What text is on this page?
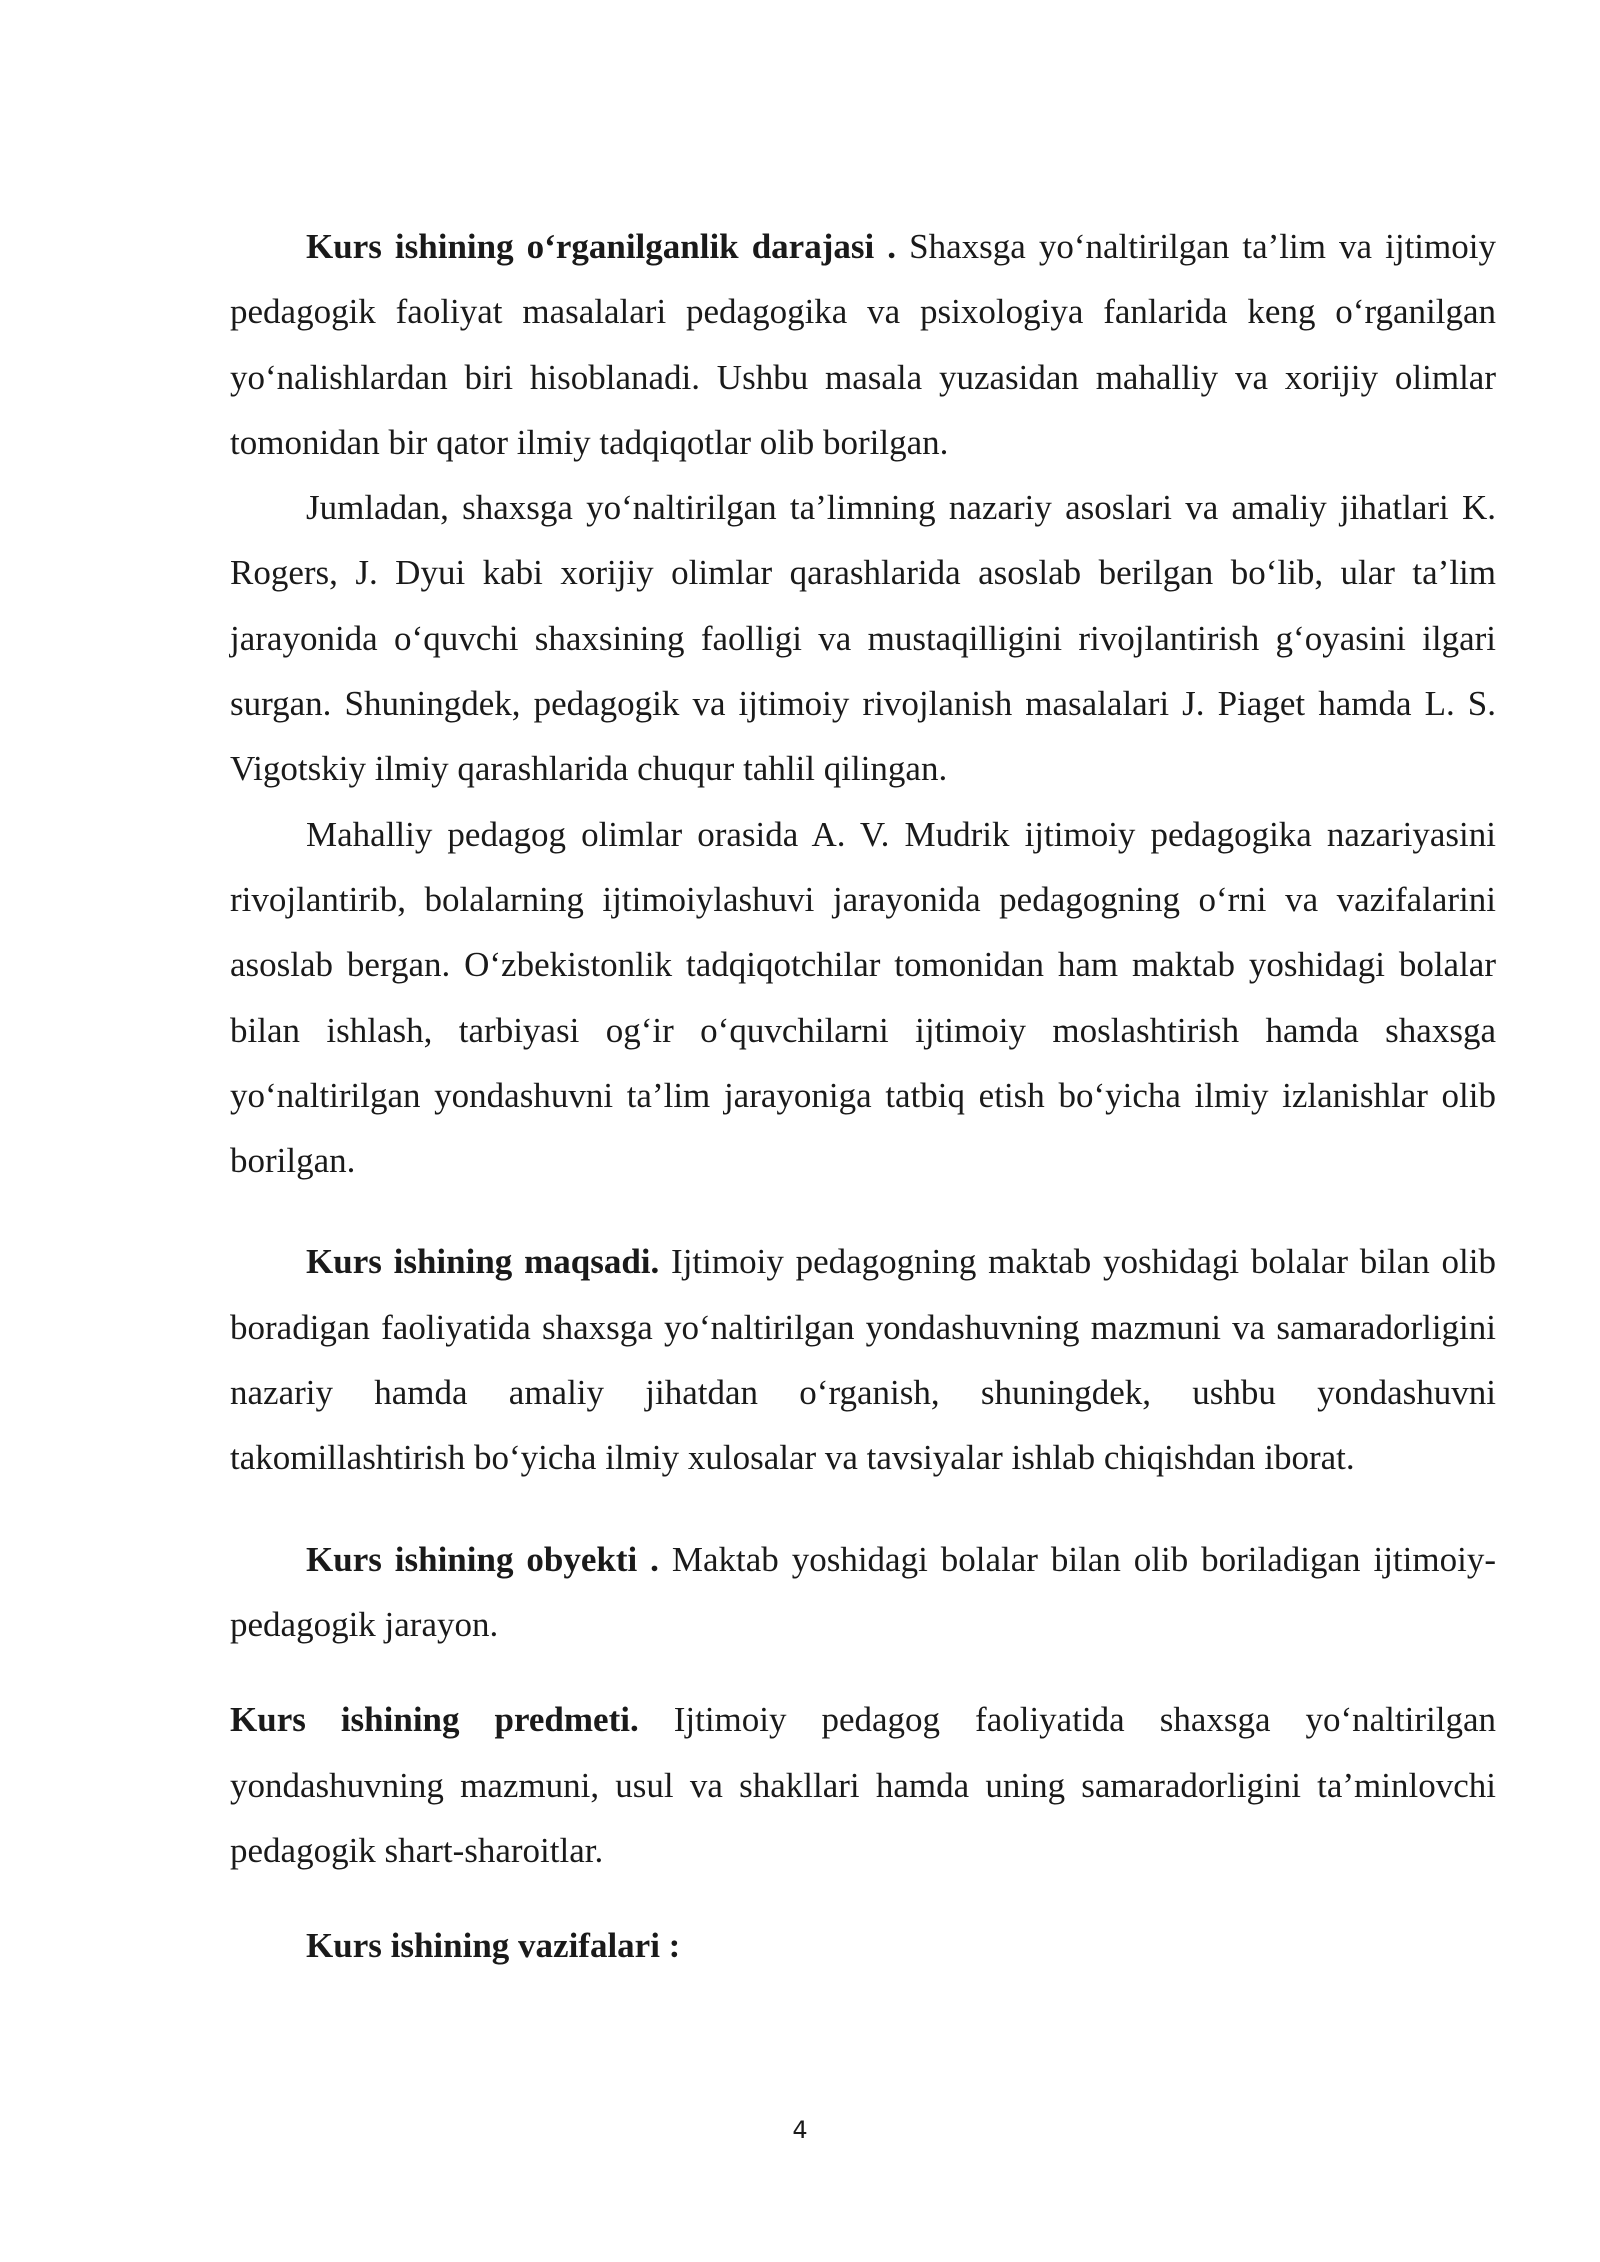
Kurs ishining o‘rganilganlik darajasi . Shaxsga yo‘naltirilgan ta’lim va ijtimoiy pedagogik faoliyat masalalari pedagogika va psixologiya fanlarida keng o‘rganilgan yo‘nalishlardan biri hisoblanadi. Ushbu masala yuzasidan mahalliy va xorijiy olimlar tomonidan bir qator ilmiy tadqiqotlar olib borilgan.

Jumladan, shaxsga yo‘naltirilgan ta’limning nazariy asoslari va amaliy jihatlari K. Rogers, J. Dyui kabi xorijiy olimlar qarashlarida asoslab berilgan bo‘lib, ular ta’lim jarayonida o‘quvchi shaxsining faolligi va mustaqilligini rivojlantirish g‘oyasini ilgari surgan. Shuningdek, pedagogik va ijtimoiy rivojlanish masalalari J. Piaget hamda L. S. Vigotskiy ilmiy qarashlarida chuqur tahlil qilingan.

Mahalliy pedagog olimlar orasida A. V. Mudrik ijtimoiy pedagogika nazariyasini rivojlantirib, bolalarning ijtimoiylashuvi jarayonida pedagogning o‘rni va vazifalarini asoslab bergan. O‘zbekistonlik tadqiqotchilar tomonidan ham maktab yoshidagi bolalar bilan ishlash, tarbiyasi og‘ir o‘quvchilarni ijtimoiy moslashtirish hamda shaxsga yo‘naltirilgan yondashuvni ta’lim jarayoniga tatbiq etish bo‘yicha ilmiy izlanishlar olib borilgan.

Kurs ishining maqsadi. Ijtimoiy pedagogning maktab yoshidagi bolalar bilan olib boradigan faoliyatida shaxsga yo‘naltirilgan yondashuvning mazmuni va samaradorligini nazariy hamda amaliy jihatdan o‘rganish, shuningdek, ushbu yondashuvni takomillashtirish bo‘yicha ilmiy xulosalar va tavsiyalar ishlab chiqishdan iborat.

Kurs ishining obyekti . Maktab yoshidagi bolalar bilan olib boriladigan ijtimoiy-pedagogik jarayon.

Kurs ishining predmeti. Ijtimoiy pedagog faoliyatida shaxsga yo‘naltirilgan yondashuvning mazmuni, usul va shakllari hamda uning samaradorligini ta’minlovchi pedagogik shart-sharoitlar.

Kurs ishining vazifalari :

4
